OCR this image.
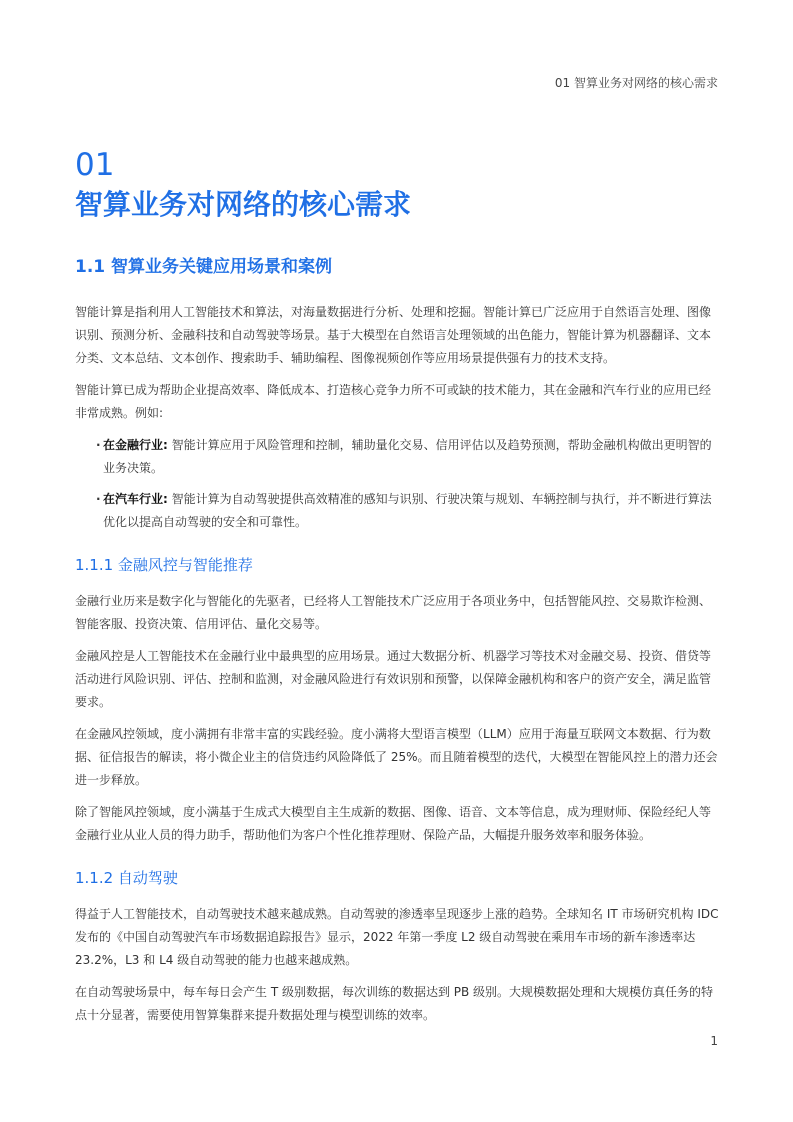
01 智算业务对网络的核心需求
01
智算业务对网络的核心需求
1.1 智算业务关键应用场景和案例

智能计算是指利用人工智能技术和算法，对海量数据进行分析、处理和挖掘。智能计算已广泛应用于自然语言处理、图像识别、预测分析、金融科技和自动驾驶等场景。基于大模型在自然语言处理领域的出色能力，智能计算为机器翻译、文本分类、文本总结、文本创作、搜索助手、辅助编程、图像视频创作等应用场景提供强有力的技术支持。

智能计算已成为帮助企业提高效率、降低成本、打造核心竞争力所不可或缺的技术能力，其在金融和汽车行业的应用已经非常成熟。例如:

· 在金融行业: 智能计算应用于风险管理和控制，辅助量化交易、信用评估以及趋势预测，帮助金融机构做出更明智的业务决策。
· 在汽车行业: 智能计算为自动驾驶提供高效精准的感知与识别、行驶决策与规划、车辆控制与执行，并不断进行算法优化以提高自动驾驶的安全和可靠性。
1.1.1 金融风控与智能推荐

金融行业历来是数字化与智能化的先驱者，已经将人工智能技术广泛应用于各项业务中，包括智能风控、交易欺诈检测、智能客服、投资决策、信用评估、量化交易等。

金融风控是人工智能技术在金融行业中最典型的应用场景。通过大数据分析、机器学习等技术对金融交易、投资、借贷等活动进行风险识别、评估、控制和监测，对金融风险进行有效识别和预警，以保障金融机构和客户的资产安全，满足监管要求。

在金融风控领域，度小满拥有非常丰富的实践经验。度小满将大型语言模型（LLM）应用于海量互联网文本数据、行为数据、征信报告的解读，将小微企业主的信贷违约风险降低了 25%。而且随着模型的迭代，大模型在智能风控上的潜力还会进一步释放。

除了智能风控领域，度小满基于生成式大模型自主生成新的数据、图像、语音、文本等信息，成为理财师、保险经纪人等金融行业从业人员的得力助手，帮助他们为客户个性化推荐理财、保险产品，大幅提升服务效率和服务体验。

1.1.2 自动驾驶

得益于人工智能技术，自动驾驶技术越来越成熟。自动驾驶的渗透率呈现逐步上涨的趋势。全球知名 IT 市场研究机构 IDC 发布的《中国自动驾驶汽车市场数据追踪报告》显示，2022 年第一季度 L2 级自动驾驶在乘用车市场的新车渗透率达 23.2%，L3 和 L4 级自动驾驶的能力也越来越成熟。

在自动驾驶场景中，每车每日会产生 T 级别数据，每次训练的数据达到 PB 级别。大规模数据处理和大规模仿真任务的特点十分显著，需要使用智算集群来提升数据处理与模型训练的效率。

1
